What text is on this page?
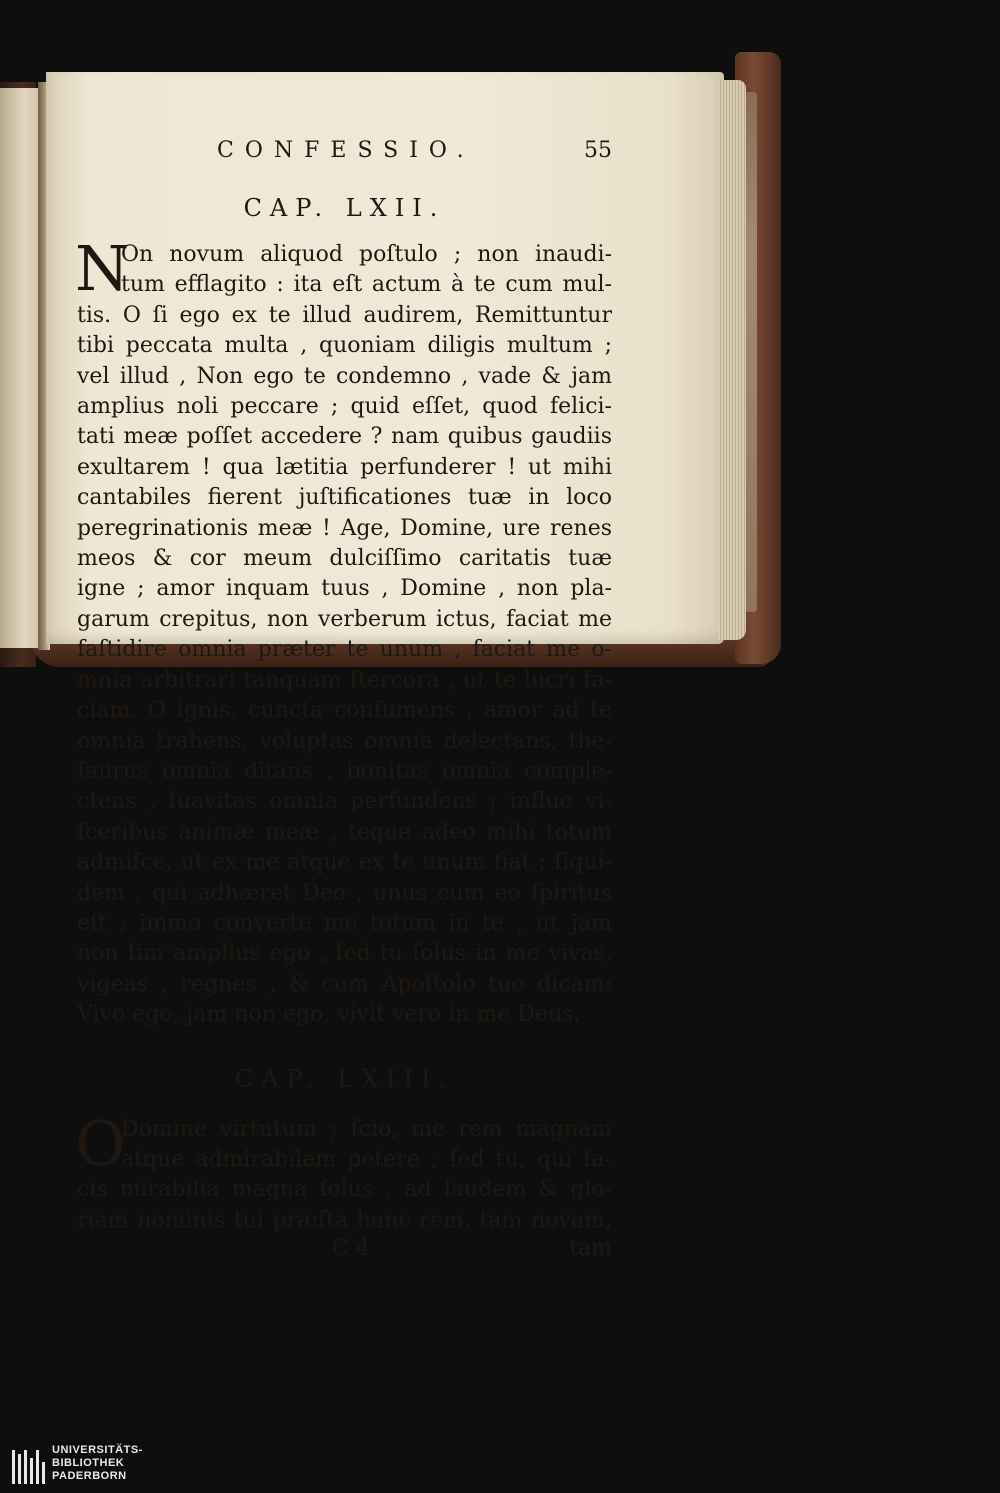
CONFESSIO.	55
CAP. LXII.
N
On novum aliquod poſtulo ; non inaudi-
tum efflagito : ita eſt actum à te cum mul-
tis. O ſi ego ex te illud audirem, Remittuntur
tibi peccata multa , quoniam diligis multum ;
vel illud , Non ego te condemno , vade & jam
amplius noli peccare ; quid eſſet, quod felici-
tati meæ poſſet accedere ? nam quibus gaudiis
exultarem ! qua lætitia perfunderer ! ut mihi
cantabiles fierent juſtificationes tuæ in loco
peregrinationis meæ ! Age, Domine, ure renes
meos & cor meum dulciſſimo caritatis tuæ
igne ; amor inquam tuus , Domine , non pla-
garum crepitus, non verberum ictus, faciat me
faſtidire omnia præter te unum , faciat me o-
mnia arbitrari tanquam ſtercora , ut te lucri fa-
ciam. O ignis, cuncta conſumens , amor ad te
omnia trahens, voluptas omnia delectans, the-
ſaurus omnia ditans , bonitas omnia comple-
ctens , ſuavitas omnia perfundens ; influe vi-
ſceribus animæ meæ , teque adeo mihi totum
admiſce, ut ex me atque ex te unum fiat ; ſiqui-
dem , qui adhæret Deo , unus cum eo ſpiritus
eſt ; immo converte me totum in te , ut jam
non ſim amplius ego , ſed tu ſolus in me vivas,
vigeas , regnes , & cum Apoſtolo tuo dicam:
Vivo ego, jam non ego, vivit vero in me Deus.
CAP. LXIII.
O
Domine virtutum ; ſcio, me rem magnam
atque admirabilem petere ; ſed tu, qui fa-
cis mirabilia magna ſolus , ad laudem & glo-
riam nominis tui præſta hanc rem, tam novam,
C 4	tam
UNIVERSITÄTS-
BIBLIOTHEK
PADERBORN
